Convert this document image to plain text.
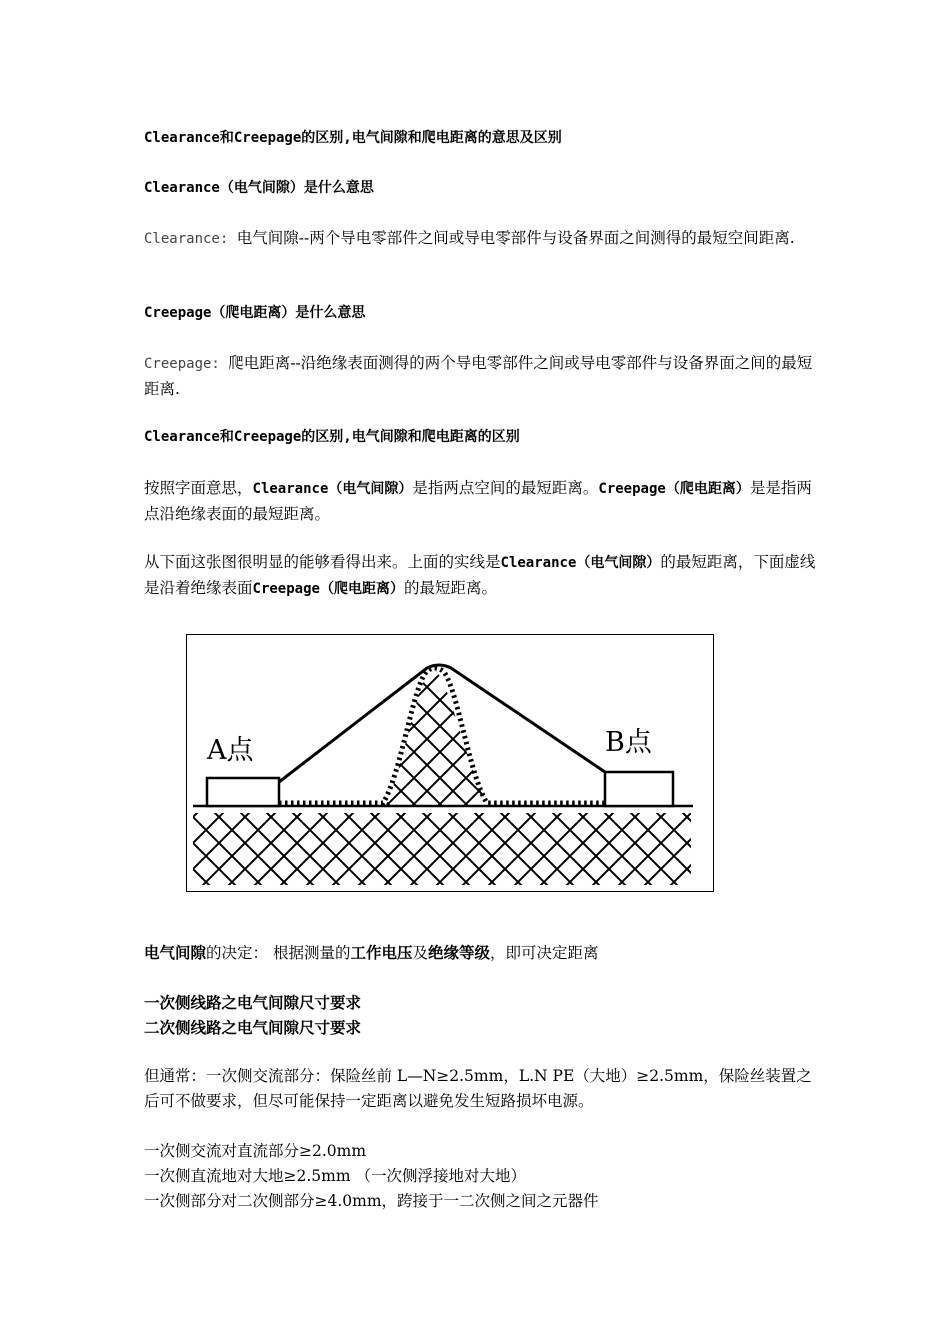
Clearance和Creepage的区别,电气间隙和爬电距离的意思及区别
Clearance（电气间隙）是什么意思
Clearance: 电气间隙--两个导电零部件之间或导电零部件与设备界面之间测得的最短空间距离.
Creepage（爬电距离）是什么意思
Creepage: 爬电距离--沿绝缘表面测得的两个导电零部件之间或导电零部件与设备界面之间的最短距离.
Clearance和Creepage的区别,电气间隙和爬电距离的区别
按照字面意思，Clearance（电气间隙）是指两点空间的最短距离。Creepage（爬电距离）是是指两点沿绝缘表面的最短距离。
从下面这张图很明显的能够看得出来。上面的实线是Clearance（电气间隙）的最短距离，下面虚线是沿着绝缘表面Creepage（爬电距离）的最短距离。
A点	B点
电气间隙的决定： 根据测量的工作电压及绝缘等级，即可决定距离
一次侧线路之电气间隙尺寸要求
二次侧线路之电气间隙尺寸要求
但通常：一次侧交流部分：保险丝前 L—N≥2.5mm，L.N PE（大地）≥2.5mm，保险丝装置之后可不做要求，但尽可能保持一定距离以避免发生短路损坏电源。
一次侧交流对直流部分≥2.0mm
一次侧直流地对大地≥2.5mm （一次侧浮接地对大地）
一次侧部分对二次侧部分≥4.0mm，跨接于一二次侧之间之元器件
